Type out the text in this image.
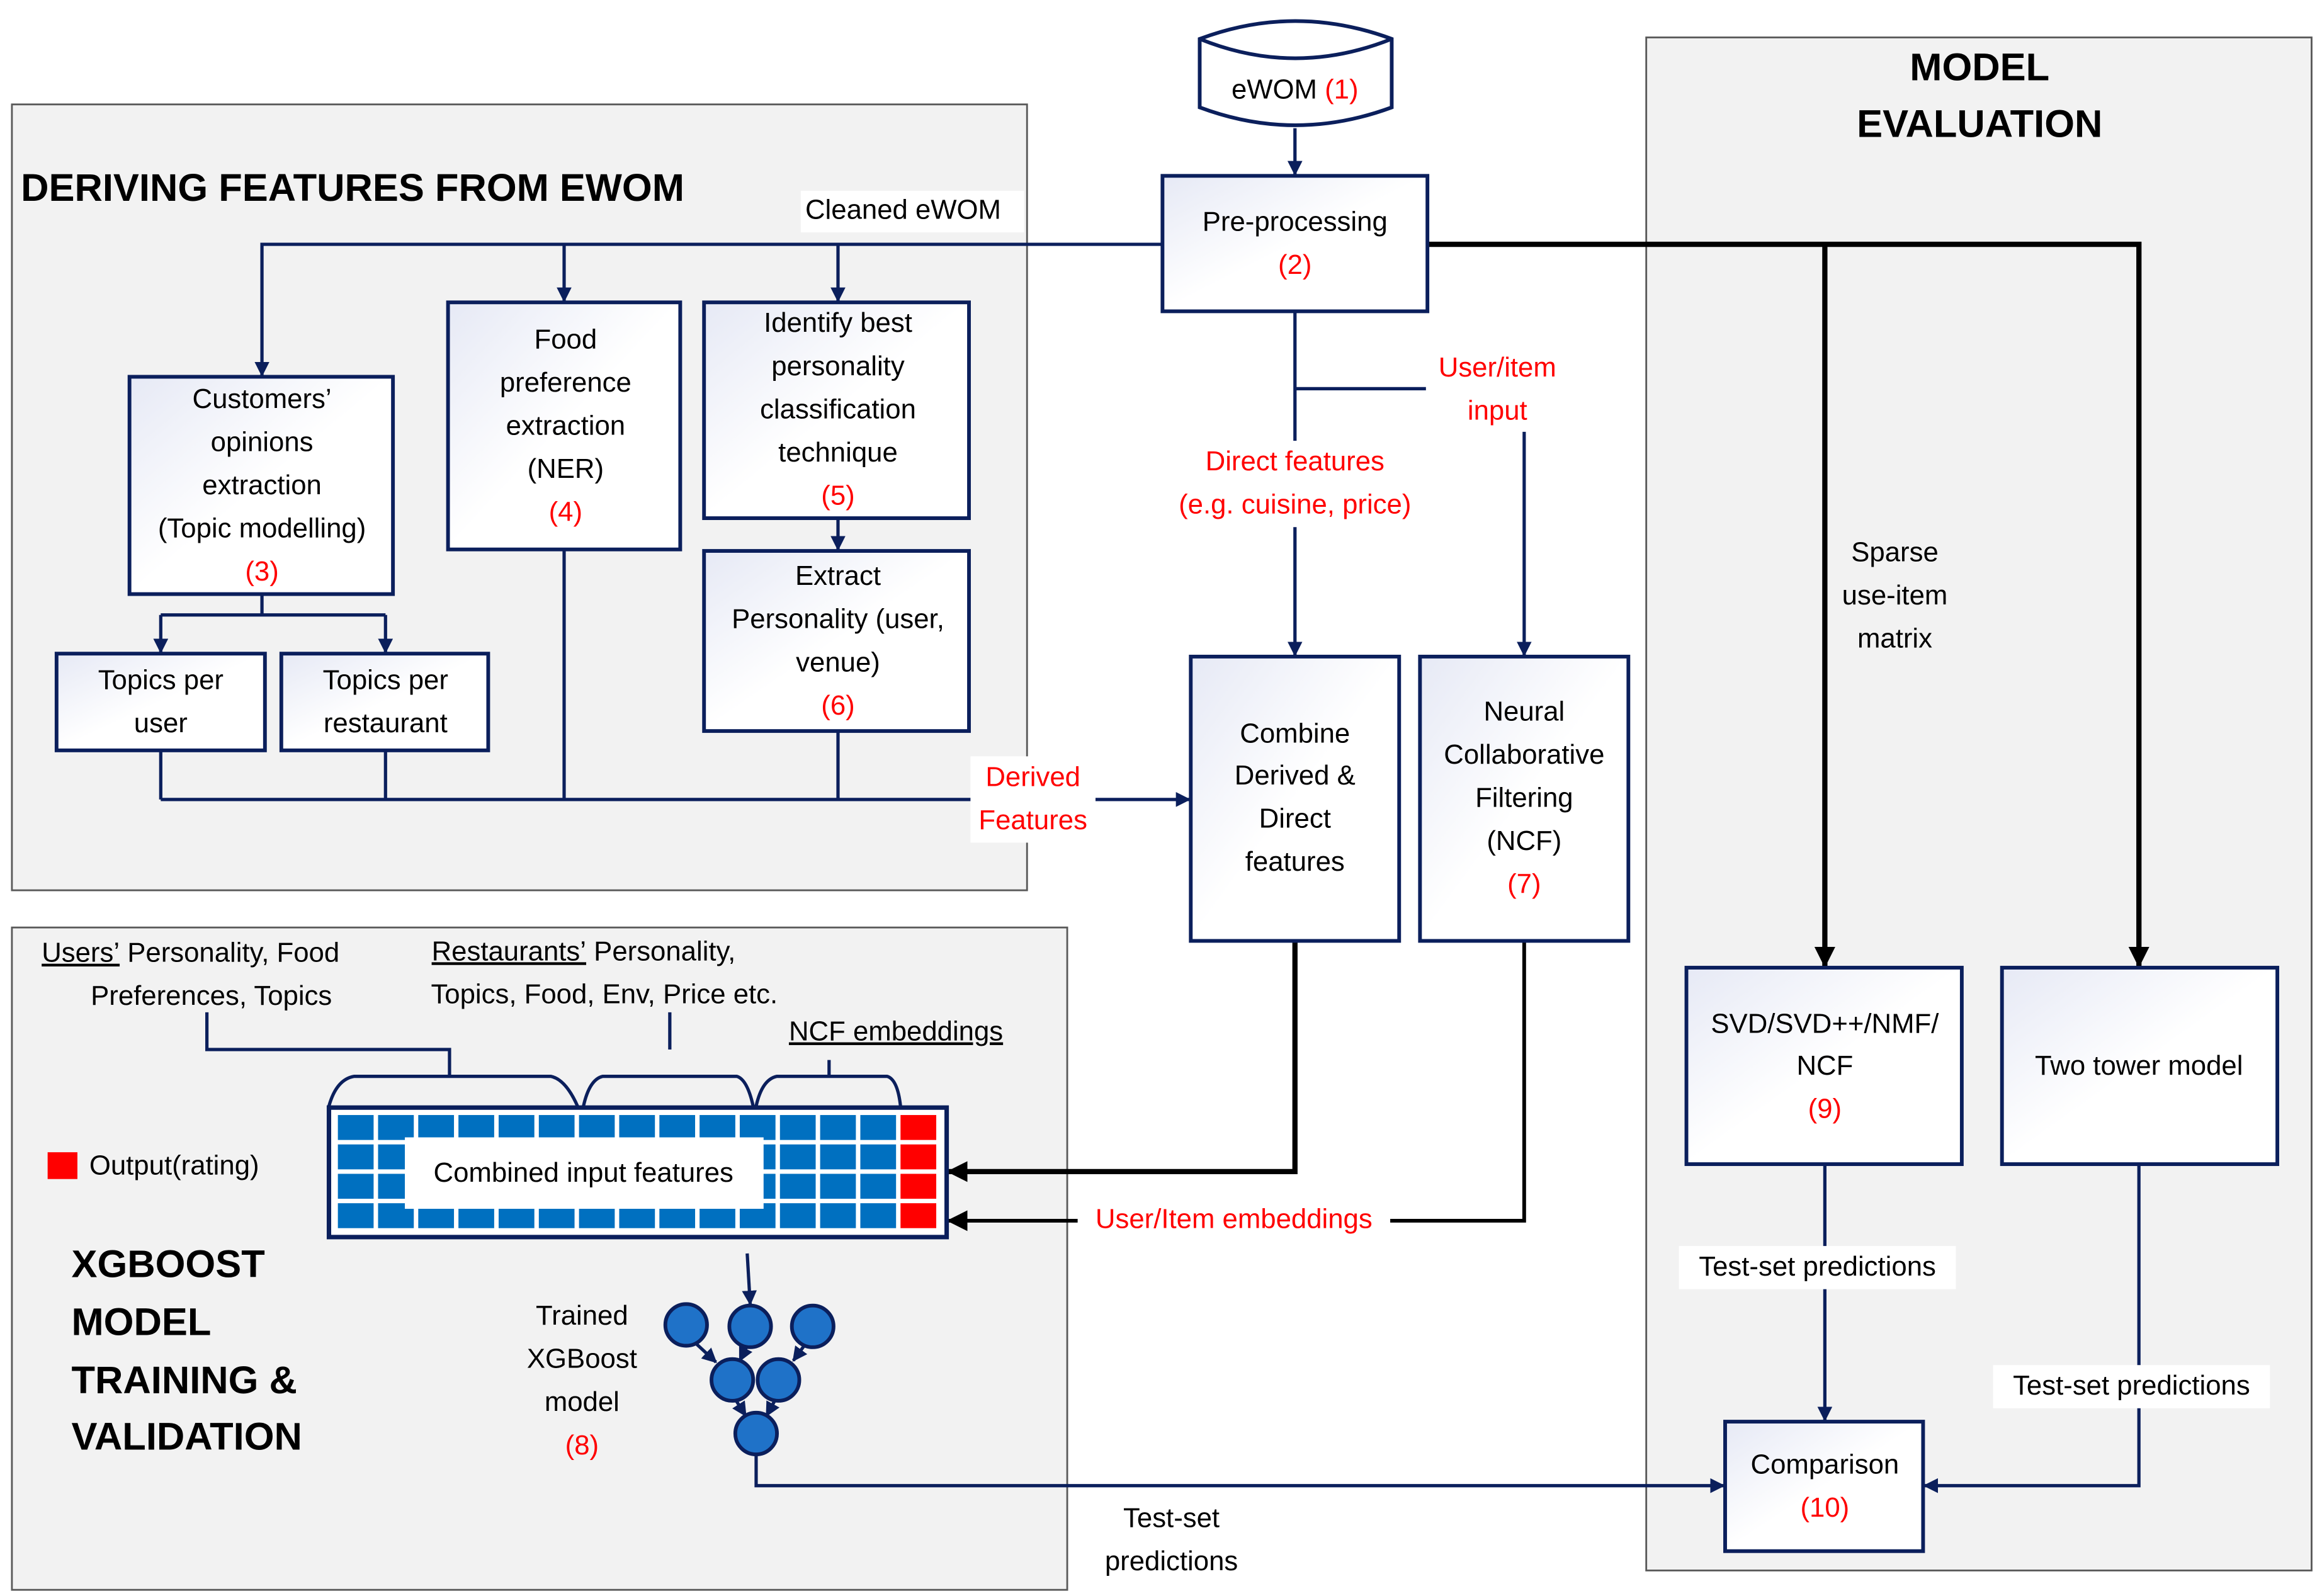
DERIVING FEATURES FROM EWOM
MODEL
EVALUATION
XGBOOST
MODEL
TRAINING &
VALIDATION
eWOM (1)
Pre-processing
(2)
Customers’
opinions
extraction
(Topic modelling)
(3)
Food
preference
extraction
(NER)
(4)
Identify best
personality
classification
technique
(5)
Extract
Personality (user,
venue)
(6)
Topics per
user
Topics per
restaurant	Combine
Derived &
Direct
features
Neural
Collaborative
Filtering
(NCF)
(7)
SVD/SVD++/NMF/
NCF
(9)
Two tower model
Comparison
(10)
Cleaned eWOM
Derived
Features
User/item
input
Direct features
(e.g. cuisine, price)
Sparse
use-item
matrix
Test-set predictions
Test-set predictions
Test-set
predictions
User/Item embeddings
Users’ Personality, Food
Preferences, Topics
Restaurants’ Personality,
Topics, Food, Env, Price etc.
NCF embeddings
Combined input features
Output(rating)
Trained
XGBoost
model
(8)
